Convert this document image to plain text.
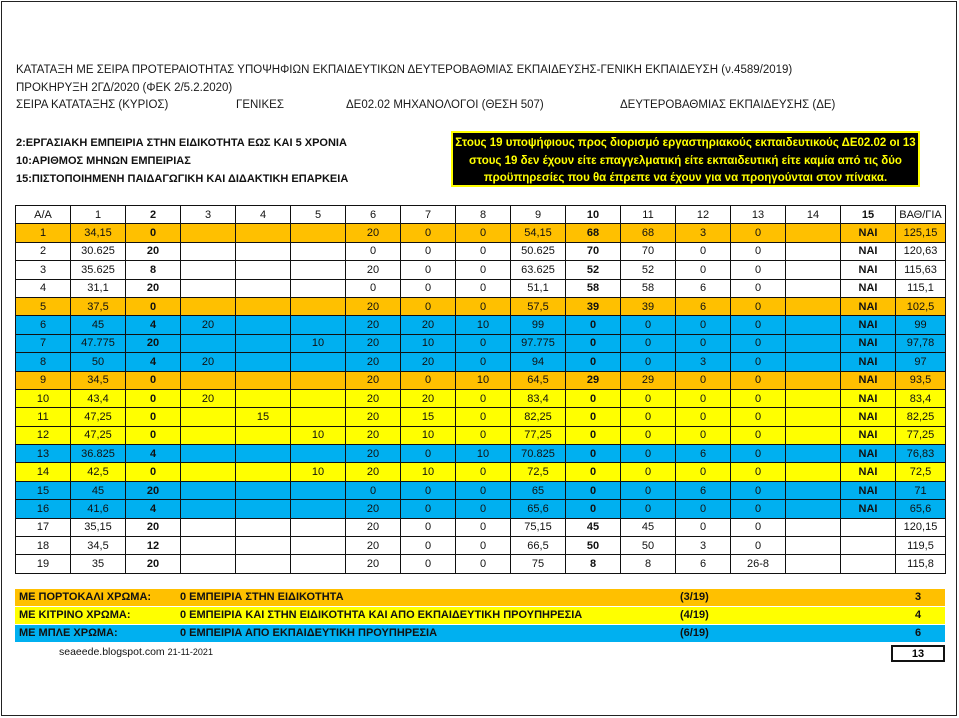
ΚΑΤΑΤΑΞΗ ΜΕ ΣΕΙΡΑ ΠΡΟΤΕΡΑΙΟΤΗΤΑΣ ΥΠΟΨΗΦΙΩΝ ΕΚΠΑΙΔΕΥΤΙΚΩΝ ΔΕΥΤΕΡΟΒΑΘΜΙΑΣ ΕΚΠΑΙΔΕΥΣΗΣ-ΓΕΝΙΚΗ ΕΚΠΑΙΔΕΥΣΗ (ν.4589/2019)
ΠΡΟΚΗΡΥΞΗ 2ΓΔ/2020 (ΦΕΚ 2/5.2.2020)
ΣΕΙΡΑ ΚΑΤΑΤΑΞΗΣ (ΚΥΡΙΟΣ)	ΓΕΝΙΚΕΣ	ΔΕ02.02 ΜΗΧΑΝΟΛΟΓΟΙ (ΘΕΣΗ 507)	ΔΕΥΤΕΡΟΒΑΘΜΙΑΣ ΕΚΠΑΙΔΕΥΣΗΣ (ΔΕ)
2:ΕΡΓΑΣΙΑΚΗ ΕΜΠΕΙΡΙΑ ΣΤΗΝ ΕΙΔΙΚΟΤΗΤΑ ΕΩΣ ΚΑΙ 5 ΧΡΟΝΙΑ
10:ΑΡΙΘΜΟΣ ΜΗΝΩΝ ΕΜΠΕΙΡΙΑΣ
15:ΠΙΣΤΟΠΟΙΗΜΕΝΗ ΠΑΙΔΑΓΩΓΙΚΗ ΚΑΙ ΔΙΔΑΚΤΙΚΗ ΕΠΑΡΚΕΙΑ
Στους 19 υποψήφιους προς διορισμό εργαστηριακούς εκπαιδευτικούς ΔΕ02.02 οι 13
στους 19 δεν έχουν είτε επαγγελματική είτε εκπαιδευτική είτε καμία από τις δύο
προϋπηρεσίες που θα έπρεπε να έχουν για να προηγούνται στον πίνακα.
Α/Α	1	2	3	4	5	6	7	8	9	10	11	12	13	14	15	ΒΑΘ/ΓΙΑ
1	34,15	0				20	0	0	54,15	68	68	3	0		ΝΑΙ	125,15
2	30.625	20				0	0	0	50.625	70	70	0	0		ΝΑΙ	120,63
3	35.625	8				20	0	0	63.625	52	52	0	0		ΝΑΙ	115,63
4	31,1	20				0	0	0	51,1	58	58	6	0		ΝΑΙ	115,1
5	37,5	0				20	0	0	57,5	39	39	6	0		ΝΑΙ	102,5
6	45	4	20			20	20	10	99	0	0	0	0		ΝΑΙ	99
7	47.775	20			10	20	10	0	97.775	0	0	0	0		ΝΑΙ	97,78
8	50	4	20			20	20	0	94	0	0	3	0		ΝΑΙ	97
9	34,5	0				20	0	10	64,5	29	29	0	0		ΝΑΙ	93,5
10	43,4	0	20			20	20	0	83,4	0	0	0	0		ΝΑΙ	83,4
11	47,25	0		15		20	15	0	82,25	0	0	0	0		ΝΑΙ	82,25
12	47,25	0			10	20	10	0	77,25	0	0	0	0		ΝΑΙ	77,25
13	36.825	4				20	0	10	70.825	0	0	6	0		ΝΑΙ	76,83
14	42,5	0			10	20	10	0	72,5	0	0	0	0		ΝΑΙ	72,5
15	45	20				0	0	0	65	0	0	6	0		ΝΑΙ	71
16	41,6	4				20	0	0	65,6	0	0	0	0		ΝΑΙ	65,6
17	35,15	20				20	0	0	75,15	45	45	0	0			120,15
18	34,5	12				20	0	0	66,5	50	50	3	0			119,5
19	35	20				20	0	0	75	8	8	6	26-8			115,8
ΜΕ ΠΟΡΤΟΚΑΛΙ ΧΡΩΜΑ:	0 ΕΜΠΕΙΡΙΑ ΣΤΗΝ ΕΙΔΙΚΟΤΗΤΑ	(3/19)	3
ΜΕ ΚΙΤΡΙΝΟ ΧΡΩΜΑ:	0 ΕΜΠΕΙΡΙΑ ΚΑΙ ΣΤΗΝ ΕΙΔΙΚΟΤΗΤΑ ΚΑΙ ΑΠΟ ΕΚΠΑΙΔΕΥΤΙΚΗ ΠΡΟΥΠΗΡΕΣΙΑ	(4/19)	4
ΜΕ ΜΠΛΕ ΧΡΩΜΑ:	0 ΕΜΠΕΙΡΙΑ ΑΠΟ ΕΚΠΑΙΔΕΥΤΙΚΗ ΠΡΟΥΠΗΡΕΣΙΑ	(6/19)	6
seaeede.blogspot.com 21-11-2021	13
